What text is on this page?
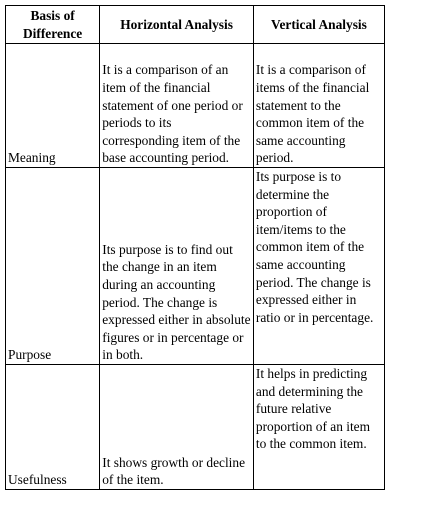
Basis of Difference	Horizontal Analysis	Vertical Analysis

Meaning	It is a comparison of an item of the financial statement of one period or periods to its corresponding item of the base accounting period.	It is a comparison of items of the financial statement to the common item of the same accounting period.

Purpose	Its purpose is to find out the change in an item during an accounting period. The change is expressed either in absolute figures or in percentage or in both.	Its purpose is to determine the proportion of item/items to the common item of the same accounting period. The change is expressed either in ratio or in percentage.

Usefulness	It shows growth or decline of the item.	It helps in predicting and determining the future relative proportion of an item to the common item.
